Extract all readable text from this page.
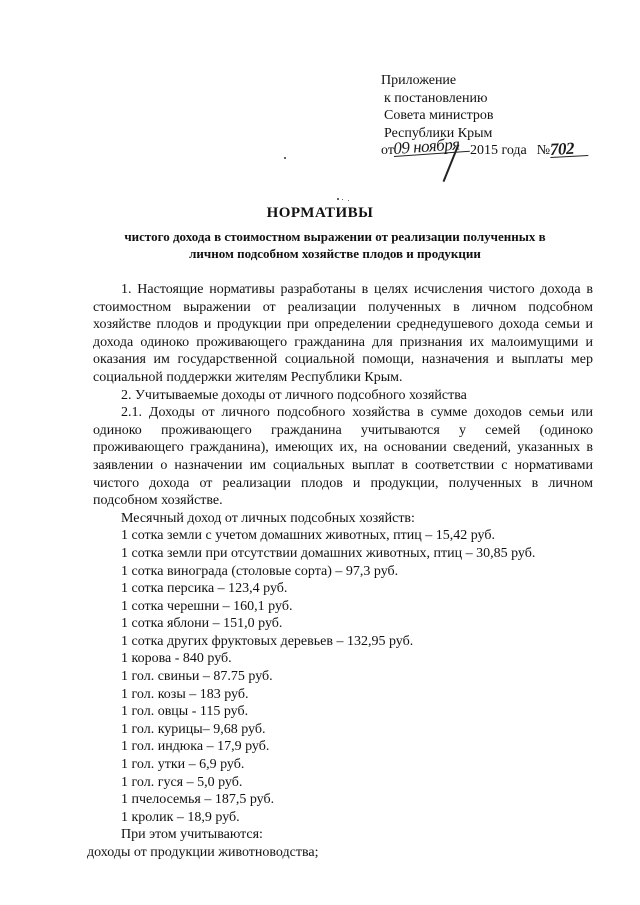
Приложение
к постановлению
Совета министров
Республики Крым
от09 ноября 2015 года №702
НОРМАТИВЫ
чистого дохода в стоимостном выражении от реализации полученных в
личном подсобном хозяйстве плодов и продукции

1. Настоящие нормативы разработаны в целях исчисления чистого дохода в стоимостном выражении от реализации полученных в личном подсобном хозяйстве плодов и продукции при определении среднедушевого дохода семьи и дохода одиноко проживающего гражданина для признания их малоимущими и оказания им государственной социальной помощи, назначения и выплаты мер социальной поддержки жителям Республики Крым.

2. Учитываемые доходы от личного подсобного хозяйства

2.1. Доходы от личного подсобного хозяйства в сумме доходов семьи или одиноко проживающего гражданина учитываются у семей (одиноко проживающего гражданина), имеющих их, на основании сведений, указанных в заявлении о назначении им социальных выплат в соответствии с нормативами чистого дохода от реализации плодов и продукции, полученных в личном подсобном хозяйстве.

Месячный доход от личных подсобных хозяйств:

1 сотка земли с учетом домашних животных, птиц – 15,42 руб.
1 сотка земли при отсутствии домашних животных, птиц – 30,85 руб.
1 сотка винограда (столовые сорта) – 97,3 руб.
1 сотка персика – 123,4 руб.
1 сотка черешни – 160,1 руб.
1 сотка яблони – 151,0 руб.
1 сотка других фруктовых деревьев – 132,95 руб.
1 корова - 840 руб.
1 гол. свиньи – 87.75 руб.
1 гол. козы – 183 руб.
1 гол. овцы - 115 руб.
1 гол. курицы– 9,68 руб.
1 гол. индюка – 17,9 руб.
1 гол. утки – 6,9 руб.
1 гол. гуся – 5,0 руб.
1 пчелосемья – 187,5 руб.
1 кролик – 18,9 руб.
При этом учитываются:
доходы от продукции животноводства;
